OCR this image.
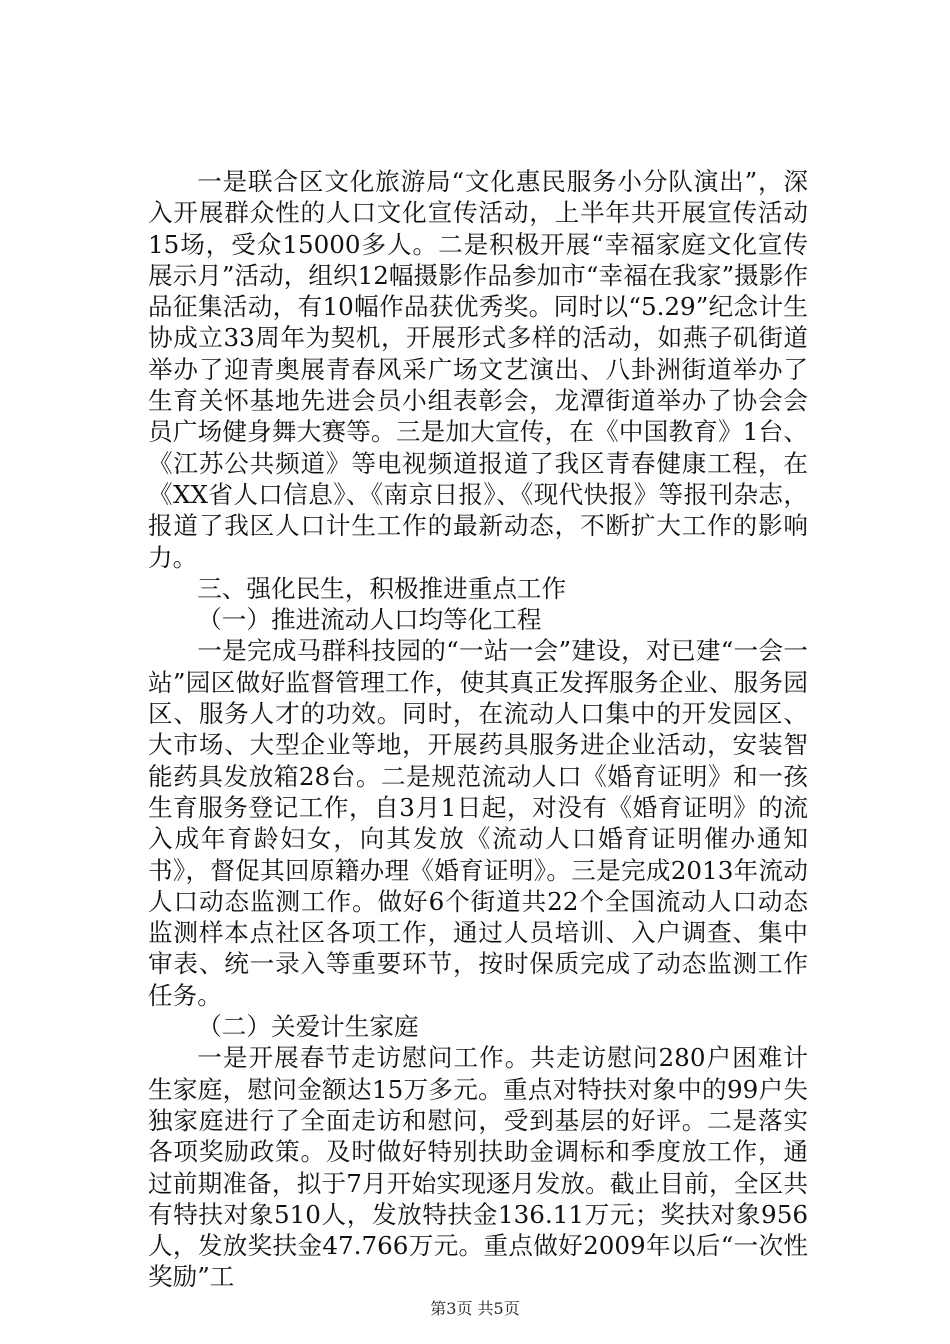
一是联合区文化旅游局“文化惠民服务小分队演出”，深入开展群众性的人口文化宣传活动，上半年共开展宣传活动15场，受众15000多人。二是积极开展“幸福家庭文化宣传展示月”活动，组织12幅摄影作品参加市“幸福在我家”摄影作品征集活动，有10幅作品获优秀奖。同时以“5.29”纪念计生协成立33周年为契机，开展形式多样的活动，如燕子矶街道举办了迎青奥展青春风采广场文艺演出、八卦洲街道举办了生育关怀基地先进会员小组表彰会，龙潭街道举办了协会会员广场健身舞大赛等。三是加大宣传，在《中国教育》1台、《江苏公共频道》等电视频道报道了我区青春健康工程，在《XX省人口信息》、《南京日报》、《现代快报》等报刊杂志，报道了我区人口计生工作的最新动态，不断扩大工作的影响力。

三、强化民生，积极推进重点工作

（一）推进流动人口均等化工程

一是完成马群科技园的“一站一会”建设，对已建“一会一站”园区做好监督管理工作，使其真正发挥服务企业、服务园区、服务人才的功效。同时，在流动人口集中的开发园区、大市场、大型企业等地，开展药具服务进企业活动，安装智能药具发放箱28台。二是规范流动人口《婚育证明》和一孩生育服务登记工作，自3月1日起，对没有《婚育证明》的流入成年育龄妇女，向其发放《流动人口婚育证明催办通知书》，督促其回原籍办理《婚育证明》。三是完成2013年流动人口动态监测工作。做好6个街道共22个全国流动人口动态监测样本点社区各项工作，通过人员培训、入户调查、集中审表、统一录入等重要环节，按时保质完成了动态监测工作任务。

（二）关爱计生家庭

一是开展春节走访慰问工作。共走访慰问280户困难计生家庭，慰问金额达15万多元。重点对特扶对象中的99户失独家庭进行了全面走访和慰问，受到基层的好评。二是落实各项奖励政策。及时做好特别扶助金调标和季度放工作，通过前期准备，拟于7月开始实现逐月发放。截止目前，全区共有特扶对象510人，发放特扶金136.11万元；奖扶对象956人，发放奖扶金47.766万元。重点做好2009年以后“一次性奖励”工

第3页 共5页
